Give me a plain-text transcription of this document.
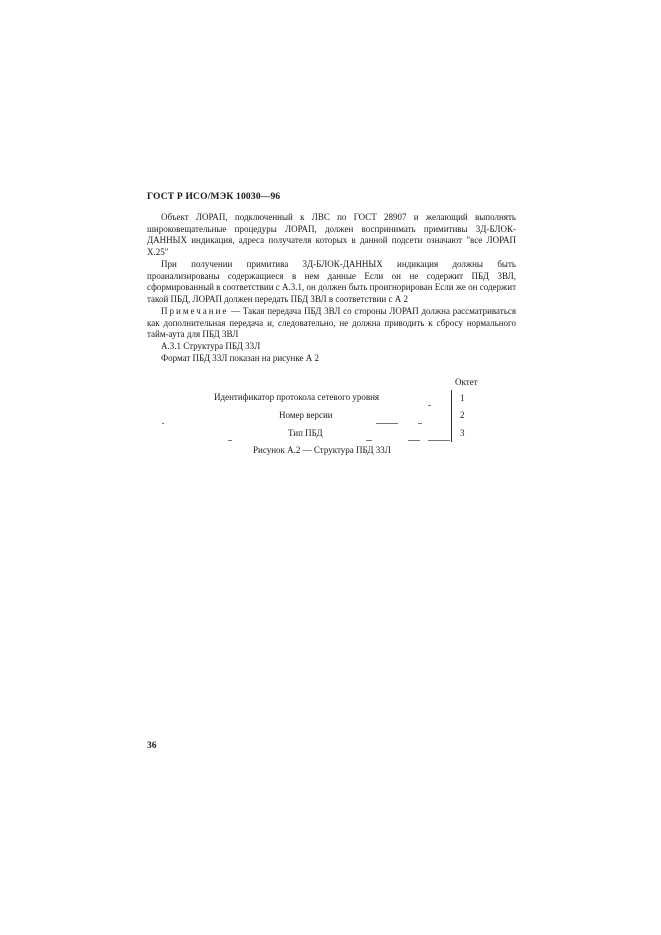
ГОСТ Р ИСО/МЭК 10030—96
Объект ЛОРАП, подключенный к ЛВС по ГОСТ 28907 и желающий выполнять широковещательные процедуры ЛОРАП, должен воспринимать примитивы 3Д-БЛОК-ДАННЫХ индикация, адреса получателя которых в данной подсети означают "все ЛОРАП X.25"
При получении примитива 3Д-БЛОК-ДАННЫХ индикация должны быть проанализированы содержащиеся в нем данные Если он не содержит ПБД 3ВЛ, сформированный в соответствии с А.3.1, он должен быть проигнорирован Если же он содержит такой ПБД, ЛОРАП должен передать ПБД 3ВЛ в соответствии с А 2
Примечание — Такая передача ПБД 3ВЛ со стороны ЛОРАП должна рассматриваться как дополнительная передача и, следовательно, не должна приводить к сбросу нормального тайм-аута для ПБД 3ВЛ
А.3.1 Структура ПБД 33Л
Формат ПБД 33Л показан на рисунке А 2
Октет
Идентификатор протокола сетевого уровня	1
Номер версии	2
Тип ПБД	3
Рисунок А.2 — Структура ПБД 33Л
36
